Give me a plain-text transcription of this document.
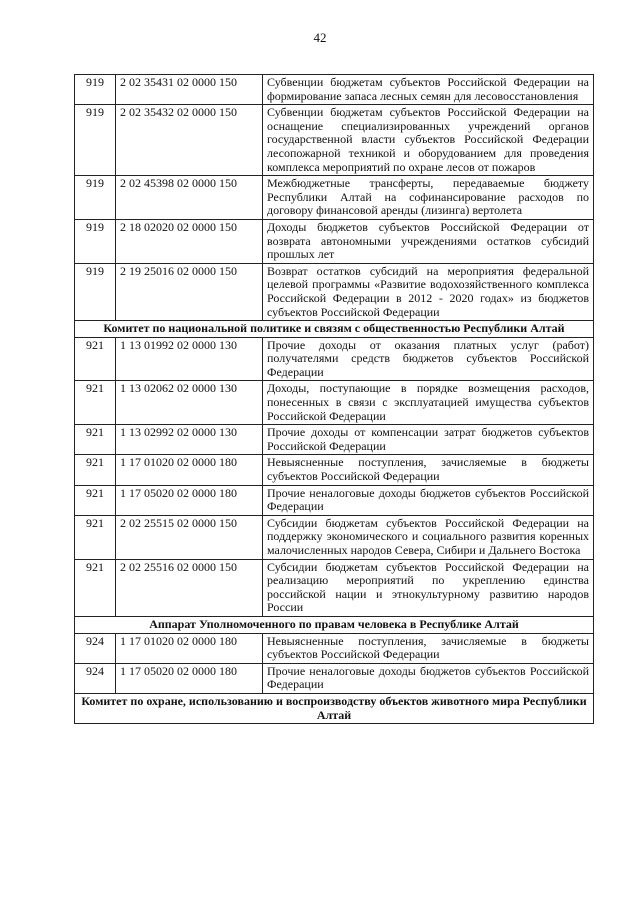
42
919	2 02 35431 02 0000 150	Субвенции бюджетам субъектов Российской Федерации на формирование запаса лесных семян для лесовосстановления
919	2 02 35432 02 0000 150	Субвенции бюджетам субъектов Российской Федерации на оснащение специализированных учреждений органов государственной власти субъектов Российской Федерации лесопожарной техникой и оборудованием для проведения комплекса мероприятий по охране лесов от пожаров
919	2 02 45398 02 0000 150	Межбюджетные трансферты, передаваемые бюджету Республики Алтай на софинансирование расходов по договору финансовой аренды (лизинга) вертолета
919	2 18 02020 02 0000 150	Доходы бюджетов субъектов Российской Федерации от возврата автономными учреждениями остатков субсидий прошлых лет
919	2 19 25016 02 0000 150	Возврат остатков субсидий на мероприятия федеральной целевой программы «Развитие водохозяйственного комплекса Российской Федерации в 2012 - 2020 годах» из бюджетов субъектов Российской Федерации
Комитет по национальной политике и связям с общественностью Республики Алтай		
921	1 13 01992 02 0000 130	Прочие доходы от оказания платных услуг (работ) получателями средств бюджетов субъектов Российской Федерации
921	1 13 02062 02 0000 130	Доходы, поступающие в порядке возмещения расходов, понесенных в связи с эксплуатацией имущества субъектов Российской Федерации
921	1 13 02992 02 0000 130	Прочие доходы от компенсации затрат бюджетов субъектов Российской Федерации
921	1 17 01020 02 0000 180	Невыясненные поступления, зачисляемые в бюджеты субъектов Российской Федерации
921	1 17 05020 02 0000 180	Прочие неналоговые доходы бюджетов субъектов Российской Федерации
921	2 02 25515 02 0000 150	Субсидии бюджетам субъектов Российской Федерации на поддержку экономического и социального развития коренных малочисленных народов Севера, Сибири и Дальнего Востока
921	2 02 25516 02 0000 150	Субсидии бюджетам субъектов Российской Федерации на реализацию мероприятий по укреплению единства российской нации и этнокультурному развитию народов России
Аппарат Уполномоченного по правам человека в Республике Алтай		
924	1 17 01020 02 0000 180	Невыясненные поступления, зачисляемые в бюджеты субъектов Российской Федерации
924	1 17 05020 02 0000 180	Прочие неналоговые доходы бюджетов субъектов Российской Федерации
Комитет по охране, использованию и воспроизводству объектов животного мира Республики Алтай		
